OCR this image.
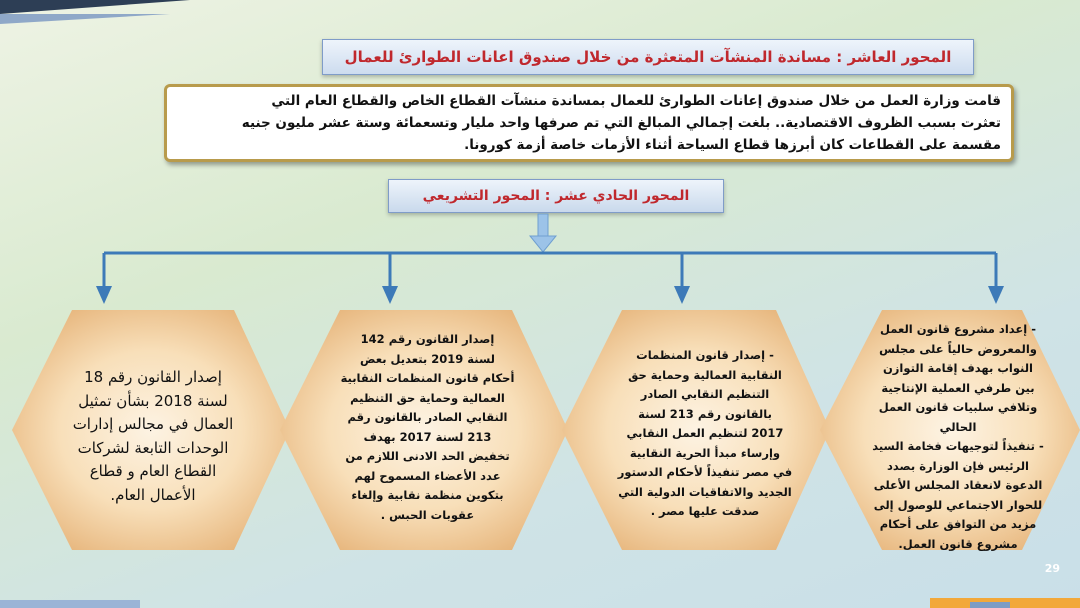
المحور العاشر : مساندة المنشآت المتعثرة من خلال صندوق اعانات الطوارئ للعمال
قامت وزارة العمل من خلال صندوق إعانات الطوارئ للعمال بمساندة منشآت القطاع الخاص والقطاع العام التي
تعثرت بسبب الظروف الاقتصادية.. بلغت إجمالي المبالغ التي تم صرفها واحد مليار وتسعمائة وستة عشر مليون جنيه
مقسمة على القطاعات كان أبرزها قطاع السياحة أثناء الأزمات خاصة أزمة كورونا.
المحور الحادي عشر : المحور التشريعي
- إعداد مشروع قانون العمل
والمعروض حالياً على مجلس
النواب بهدف إقامة التوازن
بين طرفي العملية الإنتاجية
وتلافي سلبيات قانون العمل
الحالي
- تنفيذاً لتوجيهات فخامة السيد
الرئيس فإن الوزارة بصدد
الدعوة لانعقاد المجلس الأعلى
للحوار الاجتماعي للوصول إلى
مزيد من التوافق على أحكام
مشروع قانون العمل.
- إصدار قانون المنظمات
النقابية العمالية وحماية حق
التنظيم النقابي الصادر
بالقانون رقم 213 لسنة
2017 لتنظيم العمل النقابي
وإرساء مبدأ الحرية النقابية
في مصر تنفيذاً لأحكام الدستور
الجديد والاتفاقيات الدولية التي
صدقت عليها مصر .
إصدار القانون رقم 142
لسنة 2019 بتعديل بعض
أحكام قانون المنظمات النقابية
العمالية وحماية حق التنظيم
النقابي الصادر بالقانون رقم
213 لسنة 2017 بهدف
تخفيض الحد الادنى اللازم من
عدد الأعضاء المسموح لهم
بتكوين منظمة نقابية وإلغاء
عقوبات الحبس .
إصدار القانون رقم 18
لسنة 2018 بشأن تمثيل
العمال في مجالس إدارات
الوحدات التابعة لشركات
القطاع العام و قطاع
الأعمال العام.
29
